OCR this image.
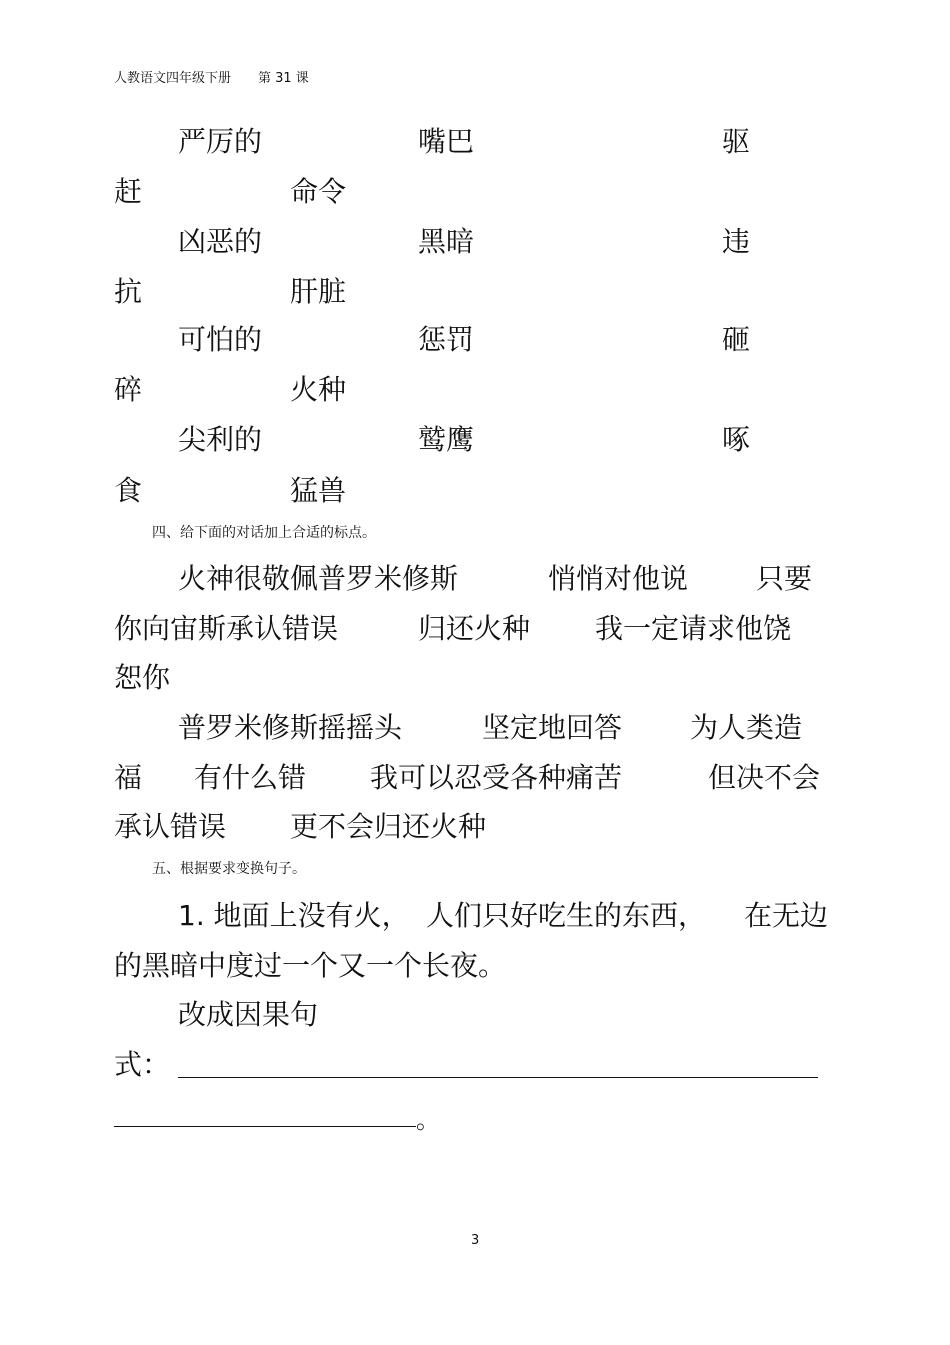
人教语文四年级下册 第 31 课
严厉的	嘴巴	驱
赶	命令
凶恶的	黑暗	违
抗	肝脏
可怕的	惩罚	砸
碎	火种
尖利的	鹫鹰	啄
食	猛兽
四、给下面的对话加上合适的标点。
火神很敬佩普罗米修斯	悄悄对他说 只要
你向宙斯承认错误	归还火种 我一定请求他饶
恕你
普罗米修斯摇摇头	坚定地回答 为人类造
福 有什么错 我可以忍受各种痛苦	但决不会
承认错误 更不会归还火种
五、根据要求变换句子。
1. 地面上没有火， 人们只好吃生的东西， 在无边
的黑暗中度过一个又一个长夜。
改成因果句
式：
。
3
